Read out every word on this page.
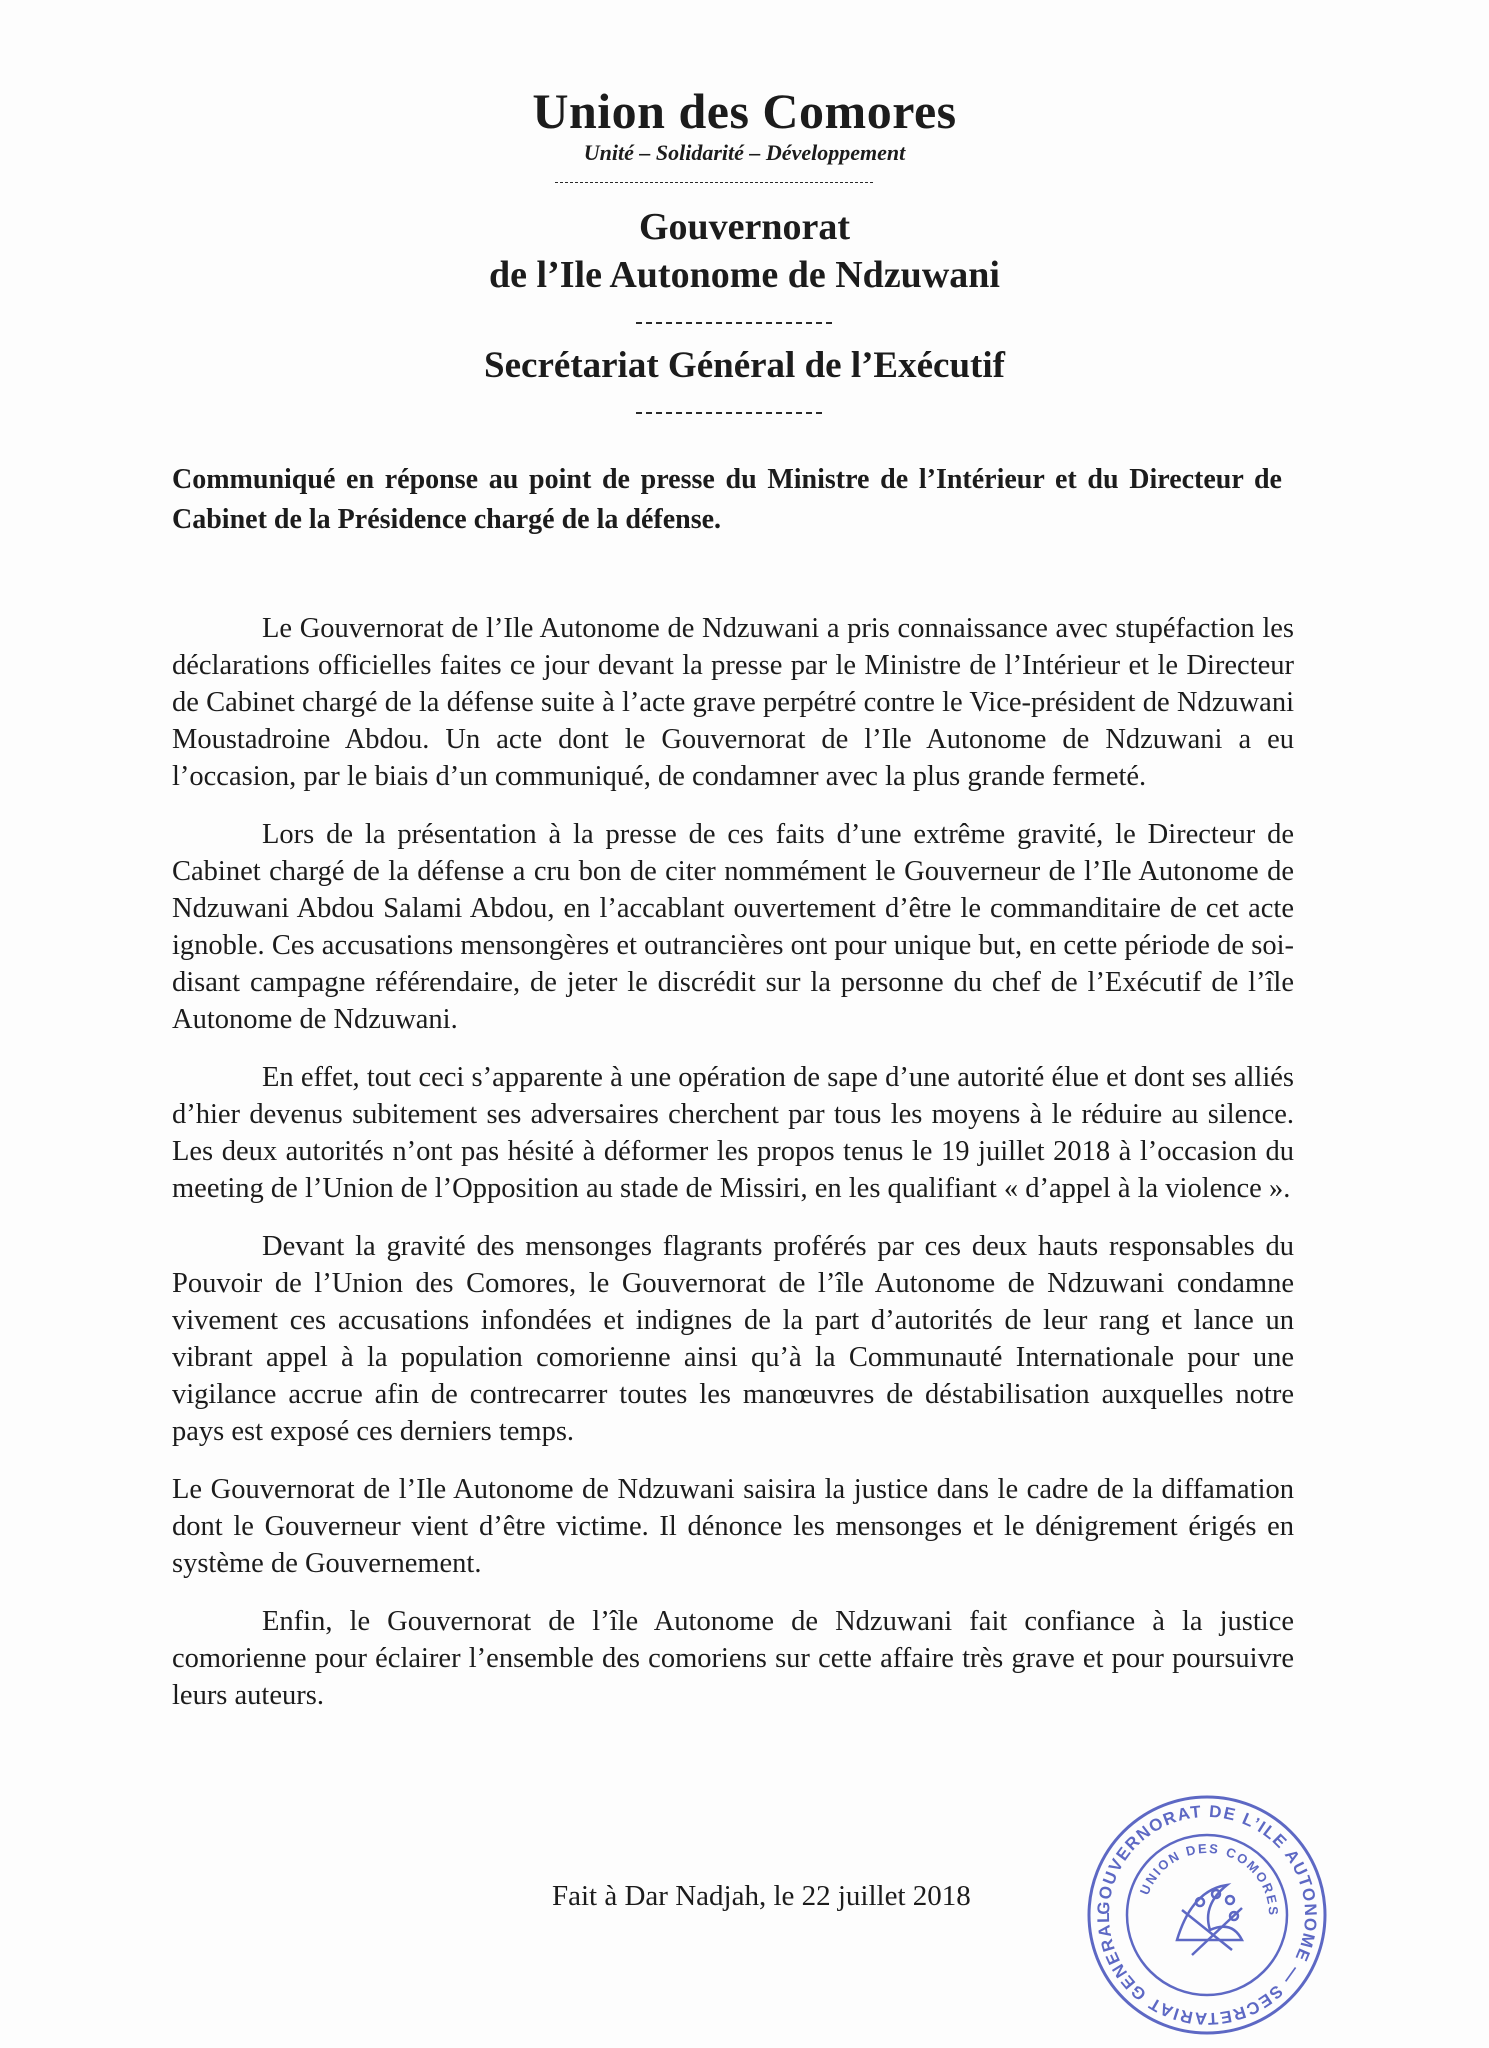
Union des Comores
Unité – Solidarité – Développement
Gouvernorat
de l’Ile Autonome de Ndzuwani
Secrétariat Général de l’Exécutif
Communiqué en réponse au point de presse du Ministre de l’Intérieur et du Directeur de Cabinet de la Présidence chargé de la défense.

Le Gouvernorat de l’Ile Autonome de Ndzuwani a pris connaissance avec stupéfaction les déclarations officielles faites ce jour devant la presse par le Ministre de l’Intérieur et le Directeur de Cabinet chargé de la défense suite à l’acte grave perpétré contre le Vice-président de Ndzuwani Moustadroine Abdou. Un acte dont le Gouvernorat de l’Ile Autonome de Ndzuwani a eu l’occasion, par le biais d’un communiqué, de condamner avec la plus grande fermeté.

Lors de la présentation à la presse de ces faits d’une extrême gravité, le Directeur de Cabinet chargé de la défense a cru bon de citer nommément le Gouverneur de l’Ile Autonome de Ndzuwani Abdou Salami Abdou, en l’accablant ouvertement d’être le commanditaire de cet acte ignoble. Ces accusations mensongères et outrancières ont pour unique but, en cette période de soi-disant campagne référendaire, de jeter le discrédit sur la personne du chef de l’Exécutif de l’île Autonome de Ndzuwani.

En effet, tout ceci s’apparente à une opération de sape d’une autorité élue et dont ses alliés d’hier devenus subitement ses adversaires cherchent par tous les moyens à le réduire au silence. Les deux autorités n’ont pas hésité à déformer les propos tenus le 19 juillet 2018 à l’occasion du meeting de l’Union de l’Opposition au stade de Missiri, en les qualifiant « d’appel à la violence ».

Devant la gravité des mensonges flagrants proférés par ces deux hauts responsables du Pouvoir de l’Union des Comores, le Gouvernorat de l’île Autonome de Ndzuwani condamne vivement ces accusations infondées et indignes de la part d’autorités de leur rang et lance un vibrant appel à la population comorienne ainsi qu’à la Communauté Internationale pour une vigilance accrue afin de contrecarrer toutes les manœuvres de déstabilisation auxquelles notre pays est exposé ces derniers temps.

Le Gouvernorat de l’Ile Autonome de Ndzuwani saisira la justice dans le cadre de la diffamation dont le Gouverneur vient d’être victime. Il dénonce les mensonges et le dénigrement érigés en système de Gouvernement.

Enfin, le Gouvernorat de l’île Autonome de Ndzuwani fait confiance à la justice comorienne pour éclairer l’ensemble des comoriens sur cette affaire très grave et pour poursuivre leurs auteurs.

Fait à Dar Nadjah, le 22 juillet 2018	GOUVERNORAT DE L’ILE AUTONOME — SECRETARIAT GENERAL
UNION DES COMORES
